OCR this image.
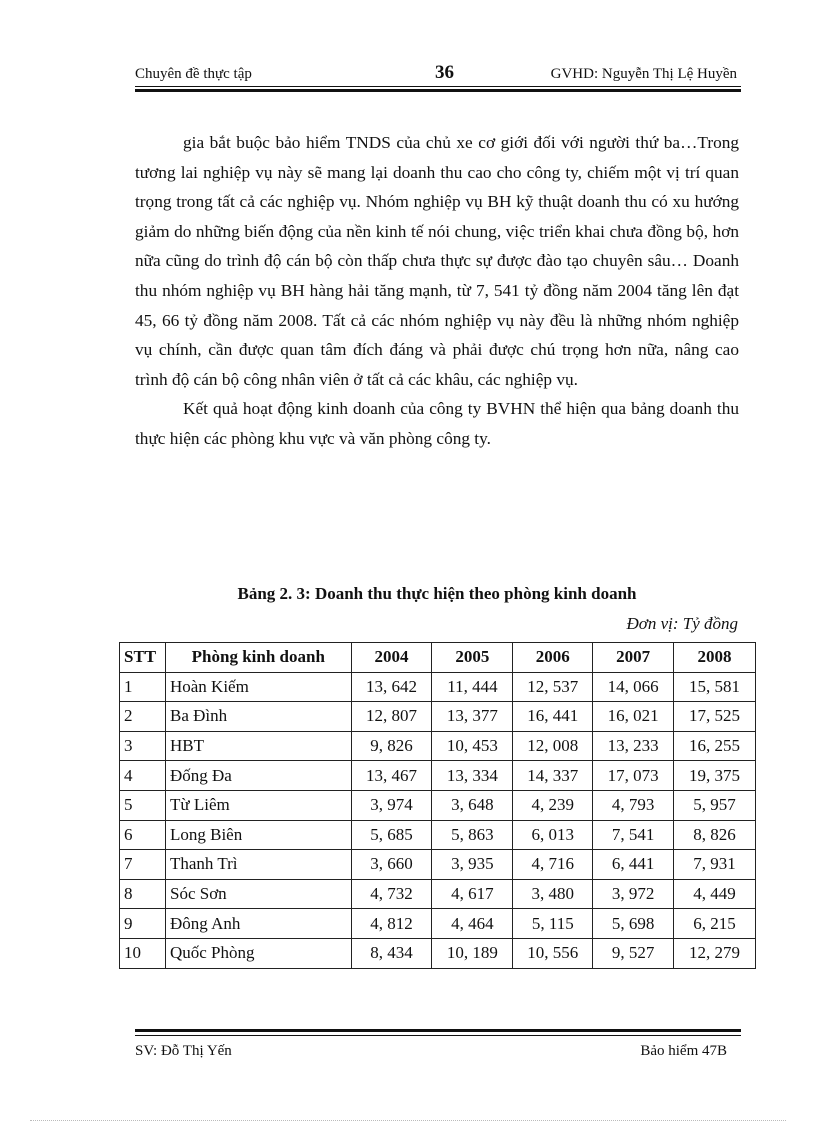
Chuyên đề thực tập	36	GVHD: Nguyễn Thị Lệ Huyền

gia bắt buộc bảo hiểm TNDS của chủ xe cơ giới đối với người thứ ba…Trong tương lai nghiệp vụ này sẽ mang lại doanh thu cao cho công ty, chiếm một vị trí quan trọng trong tất cả các nghiệp vụ. Nhóm nghiệp vụ BH kỹ thuật doanh thu có xu hướng giảm do những biến động của nền kinh tế nói chung, việc triển khai chưa đồng bộ, hơn nữa cũng do trình độ cán bộ còn thấp chưa thực sự được đào tạo chuyên sâu… Doanh thu nhóm nghiệp vụ BH hàng hải tăng mạnh, từ 7, 541 tỷ đồng năm 2004 tăng lên đạt 45, 66 tỷ đồng năm 2008. Tất cả các nhóm nghiệp vụ này đều là những nhóm nghiệp vụ chính, cần được quan tâm đích đáng và phải được chú trọng hơn nữa, nâng cao trình độ cán bộ công nhân viên ở tất cả các khâu, các nghiệp vụ.

Kết quả hoạt động kinh doanh của công ty BVHN thể hiện qua bảng doanh thu thực hiện các phòng khu vực và văn phòng công ty.

Bảng 2. 3: Doanh thu thực hiện theo phòng kinh doanh
Đơn vị: Tỷ đồng
STT	Phòng kinh doanh	2004	2005	2006	2007	2008
1	Hoàn Kiếm	13, 642	11, 444	12, 537	14, 066	15, 581
2	Ba Đình	12, 807	13, 377	16, 441	16, 021	17, 525
3	HBT	9, 826	10, 453	12, 008	13, 233	16, 255
4	Đống Đa	13, 467	13, 334	14, 337	17, 073	19, 375
5	Từ Liêm	3, 974	3, 648	4, 239	4, 793	5, 957
6	Long Biên	5, 685	5, 863	6, 013	7, 541	8, 826
7	Thanh Trì	3, 660	3, 935	4, 716	6, 441	7, 931
8	Sóc Sơn	4, 732	4, 617	3, 480	3, 972	4, 449
9	Đông Anh	4, 812	4, 464	5, 115	5, 698	6, 215
10	Quốc Phòng	8, 434	10, 189	10, 556	9, 527	12, 279
SV: Đỗ Thị Yến	Bảo hiểm 47B
